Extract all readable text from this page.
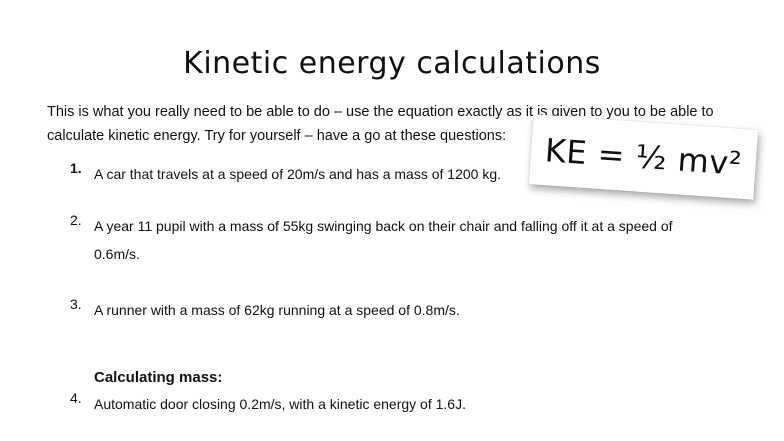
Kinetic energy calculations
This is what you really need to be able to do – use the equation exactly as it is given to you to be able to calculate kinetic energy. Try for yourself – have a go at these questions:
1. A car that travels at a speed of 20m/s and has a mass of 1200 kg.
2. A year 11 pupil with a mass of 55kg swinging back on their chair and falling off it at a speed of 0.6m/s.
3. A runner with a mass of 62kg running at a speed of 0.8m/s.
Calculating mass:
4. Automatic door closing 0.2m/s, with a kinetic energy of 1.6J.
KE = ½ mv²
